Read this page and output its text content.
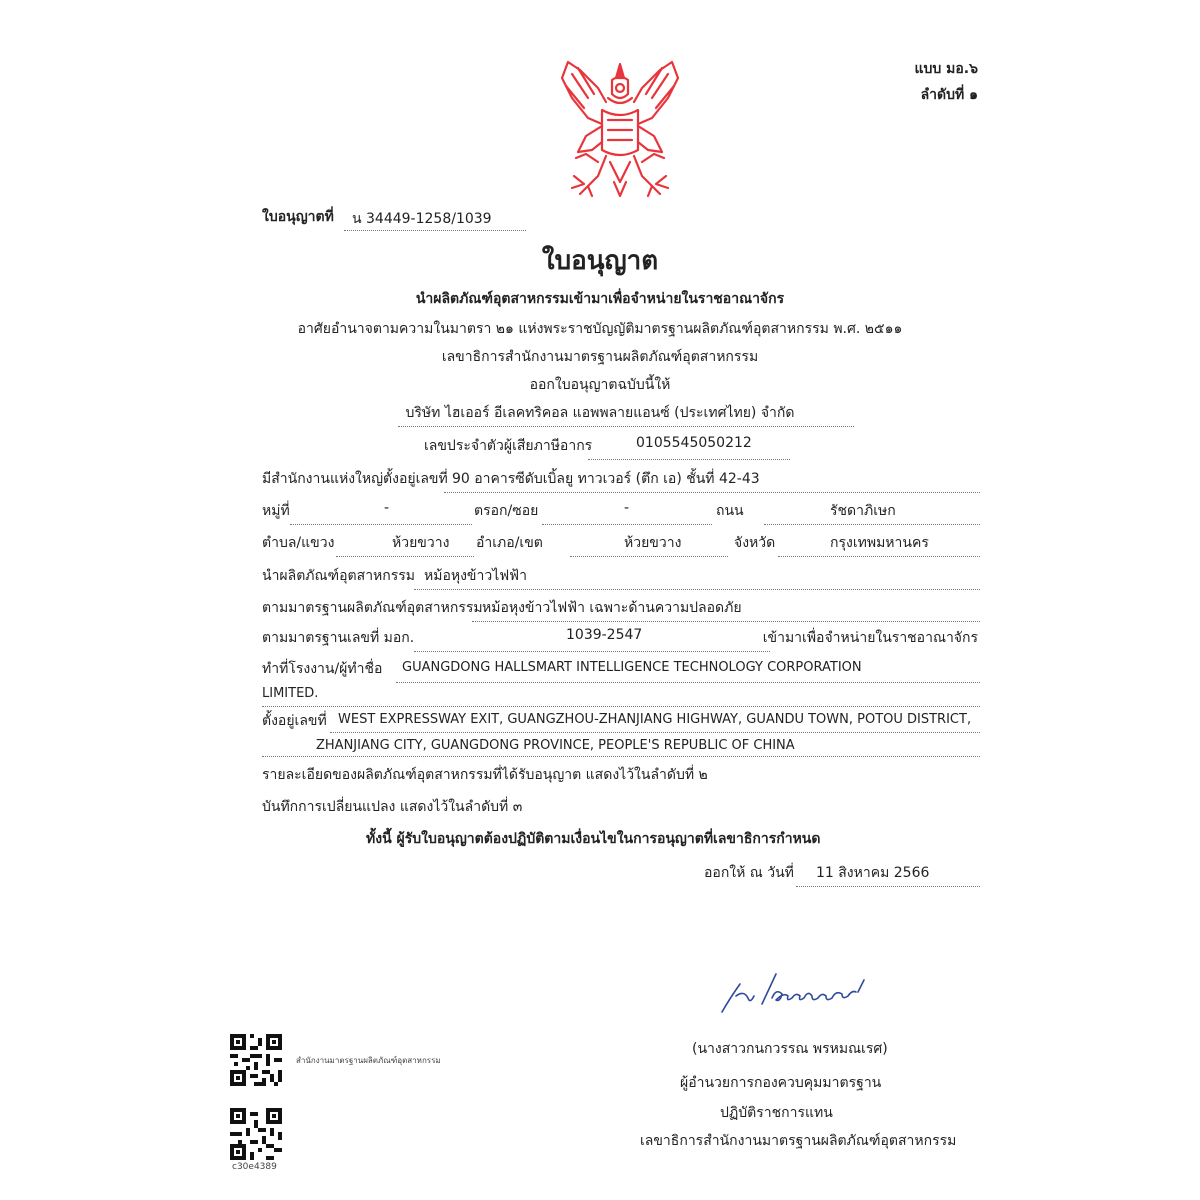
แบบ มอ.๖
ลำดับที่ ๑
ใบอนุญาตที่ น 34449-1258/1039
ใบอนุญาต
นำผลิตภัณฑ์อุตสาหกรรมเข้ามาเพื่อจำหน่ายในราชอาณาจักร
อาศัยอำนาจตามความในมาตรา ๒๑ แห่งพระราชบัญญัติมาตรฐานผลิตภัณฑ์อุตสาหกรรม พ.ศ. ๒๕๑๑
เลขาธิการสำนักงานมาตรฐานผลิตภัณฑ์อุตสาหกรรม
ออกใบอนุญาตฉบับนี้ให้
บริษัท ไฮเออร์ อีเลคทริคอล แอพพลายแอนซ์ (ประเทศไทย) จำกัด
เลขประจำตัวผู้เสียภาษีอากร	0105545050212
มีสำนักงานแห่งใหญ่ตั้งอยู่เลขที่ 90 อาคารซีดับเบิ้ลยู ทาวเวอร์ (ตึก เอ) ชั้นที่ 42-43
หมู่ที่	-	ตรอก/ซอย	-	ถนน	รัชดาภิเษก
ตำบล/แขวง	ห้วยขวาง อำเภอ/เขต	ห้วยขวาง	จังหวัด	กรุงเทพมหานคร
นำผลิตภัณฑ์อุตสาหกรรม หม้อหุงข้าวไฟฟ้า
ตามมาตรฐานผลิตภัณฑ์อุตสาหกรรม หม้อหุงข้าวไฟฟ้า เฉพาะด้านความปลอดภัย
ตามมาตรฐานเลขที่ มอก.	1039-2547	เข้ามาเพื่อจำหน่ายในราชอาณาจักร
ทำที่โรงงาน/ผู้ทำชื่อ GUANGDONG HALLSMART INTELLIGENCE TECHNOLOGY CORPORATION
LIMITED.
ตั้งอยู่เลขที่ WEST EXPRESSWAY EXIT, GUANGZHOU-ZHANJIANG HIGHWAY, GUANDU TOWN, POTOU DISTRICT,
ZHANJIANG CITY, GUANGDONG PROVINCE, PEOPLE'S REPUBLIC OF CHINA
รายละเอียดของผลิตภัณฑ์อุตสาหกรรมที่ได้รับอนุญาต แสดงไว้ในลำดับที่ ๒
บันทึกการเปลี่ยนแปลง แสดงไว้ในลำดับที่ ๓
ทั้งนี้ ผู้รับใบอนุญาตต้องปฏิบัติตามเงื่อนไขในการอนุญาตที่เลขาธิการกำหนด
ออกให้ ณ วันที่ 11 สิงหาคม 2566
(นางสาวกนกวรรณ พรหมณเรศ)
ผู้อำนวยการกองควบคุมมาตรฐาน
ปฏิบัติราชการแทน
เลขาธิการสำนักงานมาตรฐานผลิตภัณฑ์อุตสาหกรรม
สำนักงานมาตรฐานผลิตภัณฑ์อุตสาหกรรม
c30e4389
